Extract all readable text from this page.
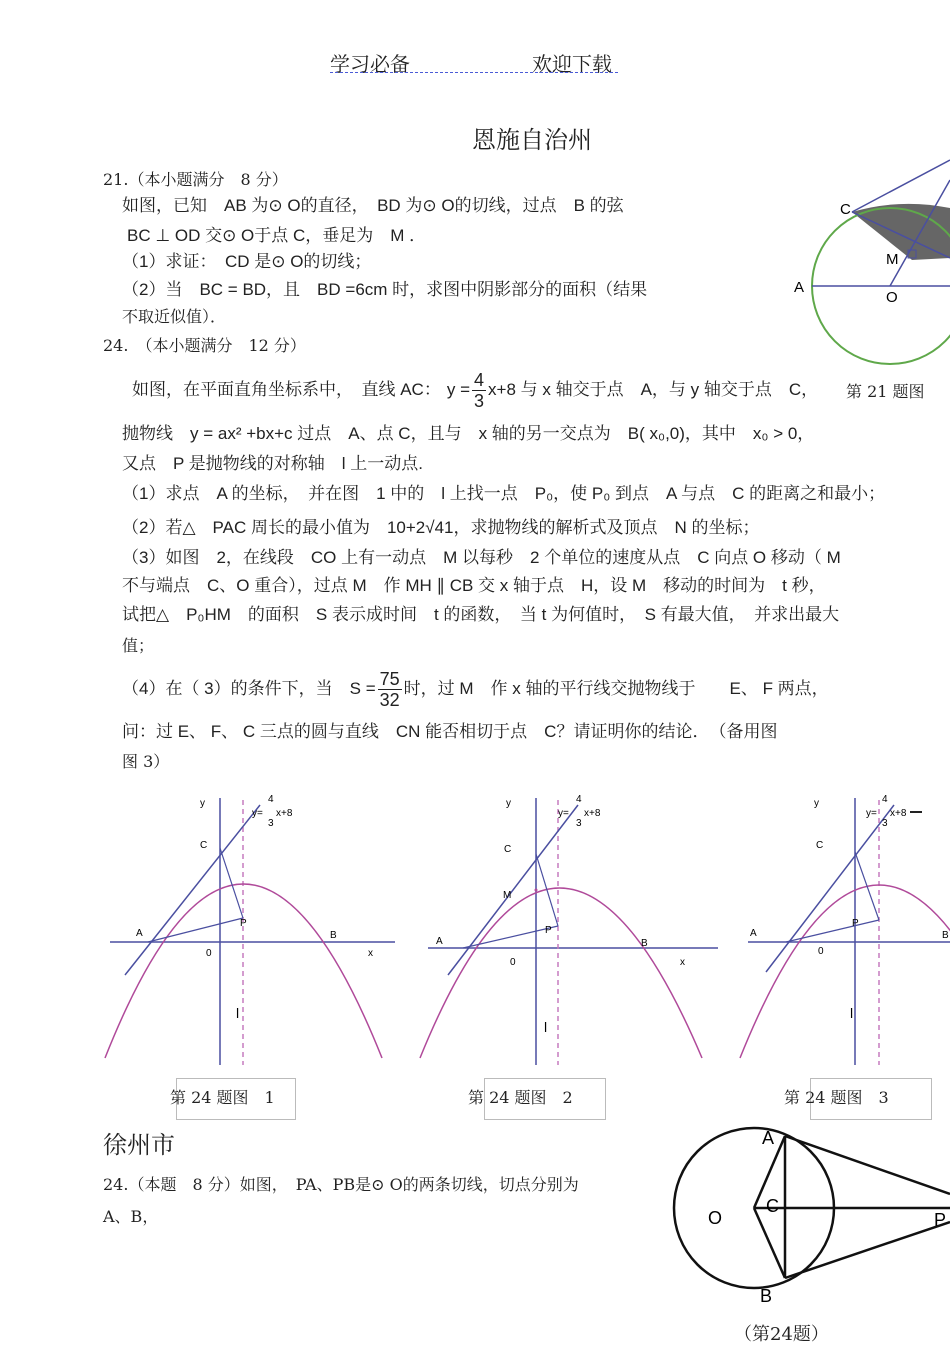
学习必备	欢迎下载
恩施自治州
21.（本小题满分　8 分）
如图，已知　AB 为⊙ O的直径，　BD 为⊙ O的切线，过点　B 的弦
BC ⊥ OD 交⊙ O于点 C，垂足为　M ．
（1）求证：　CD 是⊙ O的切线；
（2）当　BC = BD，且　BD =6cm 时，求图中阴影部分的面积（结果
不取近似值）．
C
M
A
O
第 21 题图
24.　（本小题满分　12 分）
如图，在平面直角坐标系中，　直线 AC： $y = \frac{4}{3} x+8$ 与 x 轴交于点　A，与 y 轴交于点　C，
抛物线　y = ax² +bx+c 过点　A、点 C，且与　x 轴的另一交点为　B( x₀,0)，其中　x₀ > 0，
又点　P 是抛物线的对称轴　l 上一动点.
（1）求点　A 的坐标，　并在图　1 中的　l 上找一点　P₀，使 P₀ 到点　A 与点　C 的距离之和最小；
（2）若△　PAC 周长的最小值为　10+2√41，求抛物线的解析式及顶点　N 的坐标；
（3）如图　2，在线段　CO 上有一动点　M 以每秒　2 个单位的速度从点　C 向点 O 移动（ M
不与端点　C、O 重合），过点 M　作 MH ∥ CB 交 x 轴于点　H，设 M　移动的时间为　t 秒，
试把△　P₀HM　的面积　S 表示成时间　t 的函数，　当 t 为何值时，　S 有最大值，　并求出最大
值；
（4）在（ 3）的条件下，当　 $S = \frac{75}{32}$ 时，过 M　作 x 轴的平行线交抛物线于　　E、 F 两点，
问：过 E、 F、 C 三点的圆与直线　CN 能否相切于点　C？请证明你的结论．　（备用图
图 3）
y
y=
4
3
x+8
C
P
A
0
B
x
l
y
y=
4
3
x+8
C
M
P
A
0
B
x
l
y
y=
4
3
x+8
C
P
A
0
B
l
第 24 题图　1	第 24 题图　2	第 24 题图　3
徐州市
24.（本题　8 分）如图，　PA、PB是⊙ O的两条切线，切点分别为
A、B，
A
O
C
P
B
（第24题）
